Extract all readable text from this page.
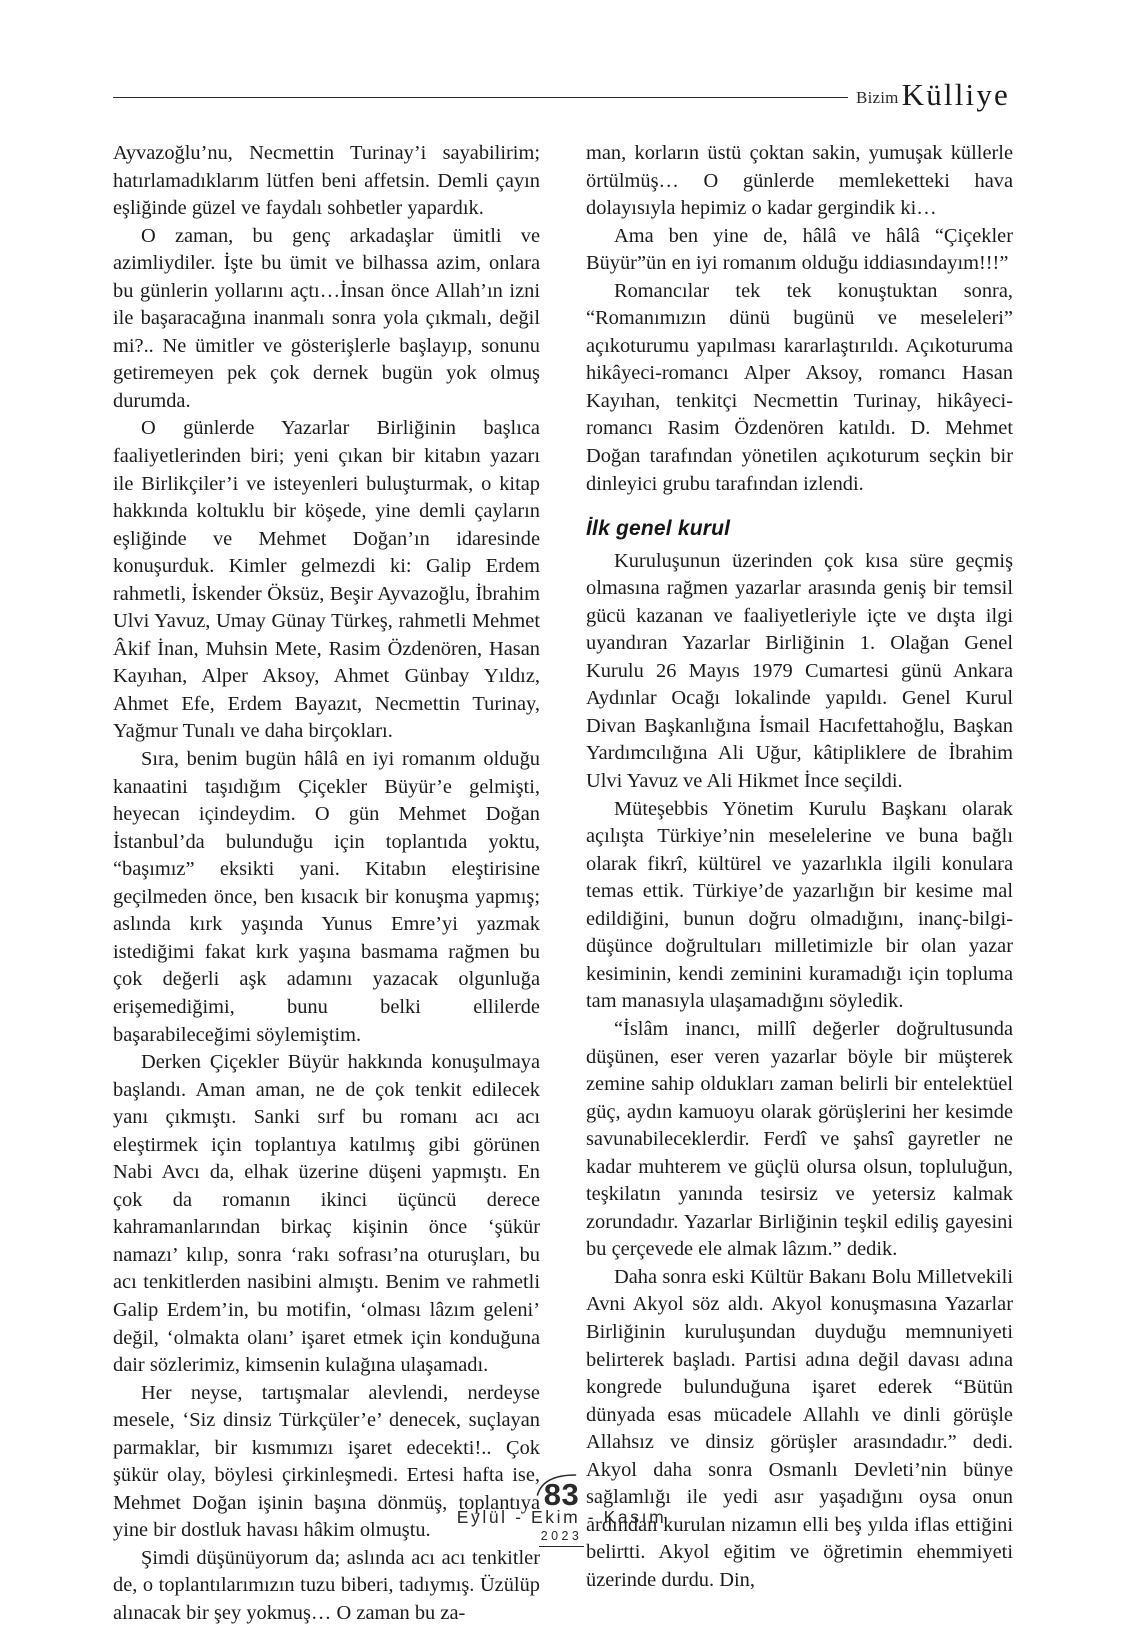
Bizim Külliye

Ayvazoğlu’nu, Necmettin Turinay’i sayabilirim; hatırlamadıklarım lütfen beni affetsin. Demli çayın eşliğinde güzel ve faydalı sohbetler yapardık.

O zaman, bu genç arkadaşlar ümitli ve azimliydiler. İşte bu ümit ve bilhassa azim, onlara bu günlerin yollarını açtı…İnsan önce Allah’ın izni ile başaracağına inanmalı sonra yola çıkmalı, değil mi?.. Ne ümitler ve gösterişlerle başlayıp, sonunu getiremeyen pek çok dernek bugün yok olmuş durumda.

O günlerde Yazarlar Birliğinin başlıca faaliyetlerinden biri; yeni çıkan bir kitabın yazarı ile Birlikçiler’i ve isteyenleri buluşturmak, o kitap hakkında koltuklu bir köşede, yine demli çayların eşliğinde ve Mehmet Doğan’ın idaresinde konuşurduk. Kimler gelmezdi ki: Galip Erdem rahmetli, İskender Öksüz, Beşir Ayvazoğlu, İbrahim Ulvi Yavuz, Umay Günay Türkeş, rahmetli Mehmet Âkif İnan, Muhsin Mete, Rasim Özdenören, Hasan Kayıhan, Alper Aksoy, Ahmet Günbay Yıldız, Ahmet Efe, Erdem Bayazıt, Necmettin Turinay, Yağmur Tunalı ve daha birçokları.

Sıra, benim bugün hâlâ en iyi romanım olduğu kanaatini taşıdığım Çiçekler Büyür’e gelmişti, heyecan içindeydim. O gün Mehmet Doğan İstanbul’da bulunduğu için toplantıda yoktu, “başımız” eksikti yani. Kitabın eleştirisine geçilmeden önce, ben kısacık bir konuşma yapmış; aslında kırk yaşında Yunus Emre’yi yazmak istediğimi fakat kırk yaşına basmama rağmen bu çok değerli aşk adamını yazacak olgunluğa erişemediğimi, bunu belki ellilerde başarabileceğimi söylemiştim.

Derken Çiçekler Büyür hakkında konuşulmaya başlandı. Aman aman, ne de çok tenkit edilecek yanı çıkmıştı. Sanki sırf bu romanı acı acı eleştirmek için toplantıya katılmış gibi görünen Nabi Avcı da, elhak üzerine düşeni yapmıştı. En çok da romanın ikinci üçüncü derece kahramanlarından birkaç kişinin önce ‘şükür namazı’ kılıp, sonra ‘rakı sofrası’na oturuşları, bu acı tenkitlerden nasibini almıştı. Benim ve rahmetli Galip Erdem’in, bu motifin, ‘olması lâzım geleni’ değil, ‘olmakta olanı’ işaret etmek için konduğuna dair sözlerimiz, kimsenin kulağına ulaşamadı.

Her neyse, tartışmalar alevlendi, nerdeyse mesele, ‘Siz dinsiz Türkçüler’e’ denecek, suçlayan parmaklar, bir kısmımızı işaret edecekti!.. Çok şükür olay, böylesi çirkinleşmedi. Ertesi hafta ise, Mehmet Doğan işinin başına dönmüş, toplantıya yine bir dostluk havası hâkim olmuştu.

Şimdi düşünüyorum da; aslında acı acı tenkitler de, o toplantılarımızın tuzu biberi, tadıymış. Üzülüp alınacak bir şey yokmuş… O zaman bu za-

man, korların üstü çoktan sakin, yumuşak küllerle örtülmüş… O günlerde memleketteki hava dolayısıyla hepimiz o kadar gergindik ki…

Ama ben yine de, hâlâ ve hâlâ “Çiçekler Büyür”ün en iyi romanım olduğu iddiasındayım!!!”

Romancılar tek tek konuştuktan sonra, “Romanımızın dünü bugünü ve meseleleri” açıkoturumu yapılması kararlaştırıldı. Açıkoturuma hikâyeci-romancı Alper Aksoy, romancı Hasan Kayıhan, tenkitçi Necmettin Turinay, hikâyeci-romancı Rasim Özdenören katıldı. D. Mehmet Doğan tarafından yönetilen açıkoturum seçkin bir dinleyici grubu tarafından izlendi.

İlk genel kurul

Kuruluşunun üzerinden çok kısa süre geçmiş olmasına rağmen yazarlar arasında geniş bir temsil gücü kazanan ve faaliyetleriyle içte ve dışta ilgi uyandıran Yazarlar Birliğinin 1. Olağan Genel Kurulu 26 Mayıs 1979 Cumartesi günü Ankara Aydınlar Ocağı lokalinde yapıldı. Genel Kurul Divan Başkanlığına İsmail Hacıfettahoğlu, Başkan Yardımcılığına Ali Uğur, kâtipliklere de İbrahim Ulvi Yavuz ve Ali Hikmet İnce seçildi.

Müteşebbis Yönetim Kurulu Başkanı olarak açılışta Türkiye’nin meselelerine ve buna bağlı olarak fikrî, kültürel ve yazarlıkla ilgili konulara temas ettik. Türkiye’de yazarlığın bir kesime mal edildiğini, bunun doğru olmadığını, inanç-bilgi-düşünce doğrultuları milletimizle bir olan yazar kesiminin, kendi zeminini kuramadığı için topluma tam manasıyla ulaşamadığını söyledik.

“İslâm inancı, millî değerler doğrultusunda düşünen, eser veren yazarlar böyle bir müşterek zemine sahip oldukları zaman belirli bir entelektüel güç, aydın kamuoyu olarak görüşlerini her kesimde savunabileceklerdir. Ferdî ve şahsî gayretler ne kadar muhterem ve güçlü olursa olsun, topluluğun, teşkilatın yanında tesirsiz ve yetersiz kalmak zorundadır. Yazarlar Birliğinin teşkil ediliş gayesini bu çerçevede ele almak lâzım.” dedik.

Daha sonra eski Kültür Bakanı Bolu Milletvekili Avni Akyol söz aldı. Akyol konuşmasına Yazarlar Birliğinin kuruluşundan duyduğu memnuniyeti belirterek başladı. Partisi adına değil davası adına kongrede bulunduğuna işaret ederek “Bütün dünyada esas mücadele Allahlı ve dinli görüşle Allahsız ve dinsiz görüşler arasındadır.” dedi. Akyol daha sonra Osmanlı Devleti’nin bünye sağlamlığı ile yedi asır yaşadığını oysa onun ardından kurulan nizamın elli beş yılda iflas ettiğini belirtti. Akyol eğitim ve öğretimin ehemmiyeti üzerinde durdu. Din,

83
Eylül - Ekim - Kasım
2023
